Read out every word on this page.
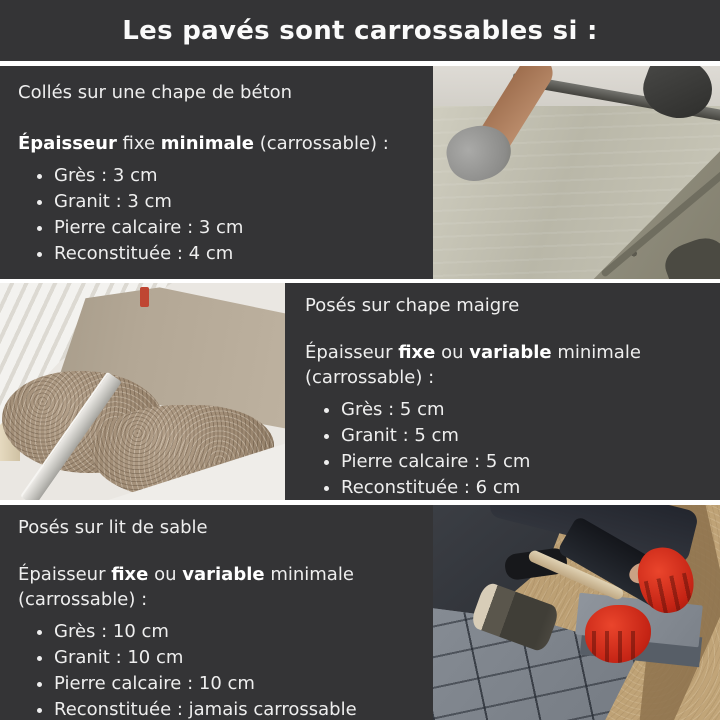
Les pavés sont carrossables si :

Collés sur une chape de béton

Épaisseur fixe minimale (carrossable) :

• Grès : 3 cm
• Granit : 3 cm
• Pierre calcaire : 3 cm
• Reconstituée : 4 cm

Posés sur chape maigre

Épaisseur fixe ou variable minimale (carrossable) :

• Grès : 5 cm
• Granit : 5 cm
• Pierre calcaire : 5 cm
• Reconstituée : 6 cm

Posés sur lit de sable

Épaisseur fixe ou variable minimale (carrossable) :

• Grès : 10 cm
• Granit : 10 cm
• Pierre calcaire : 10 cm
• Reconstituée : jamais carrossable
